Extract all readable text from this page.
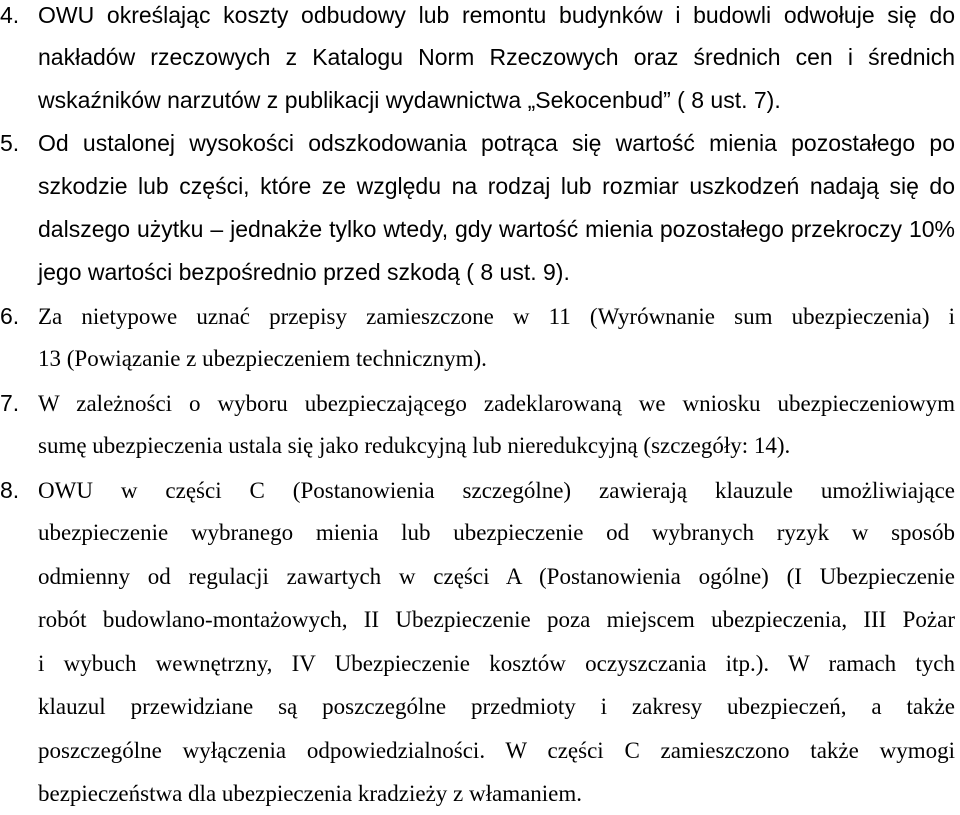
4. OWU określając koszty odbudowy lub remontu budynków i budowli odwołuje się do
nakładów rzeczowych z Katalogu Norm Rzeczowych oraz średnich cen i średnich
wskaźników narzutów z publikacji wydawnictwa „Sekocenbud” ( 8 ust. 7).
5. Od ustalonej wysokości odszkodowania potrąca się wartość mienia pozostałego po
szkodzie lub części, które ze względu na rodzaj lub rozmiar uszkodzeń nadają się do
dalszego użytku – jednakże tylko wtedy, gdy wartość mienia pozostałego przekroczy 10%
jego wartości bezpośrednio przed szkodą ( 8 ust. 9).
6. Za nietypowe uznać przepisy zamieszczone w 11 (Wyrównanie sum ubezpieczenia) i
13 (Powiązanie z ubezpieczeniem technicznym).
7. W zależności o wyboru ubezpieczającego zadeklarowaną we wniosku ubezpieczeniowym
sumę ubezpieczenia ustala się jako redukcyjną lub nieredukcyjną (szczegóły: 14).
8. OWU w części C (Postanowienia szczególne) zawierają klauzule umożliwiające
ubezpieczenie wybranego mienia lub ubezpieczenie od wybranych ryzyk w sposób
odmienny od regulacji zawartych w części A (Postanowienia ogólne) (I Ubezpieczenie
robót budowlano-montażowych, II Ubezpieczenie poza miejscem ubezpieczenia, III Pożar
i wybuch wewnętrzny, IV Ubezpieczenie kosztów oczyszczania itp.). W ramach tych
klauzul przewidziane są poszczególne przedmioty i zakresy ubezpieczeń, a także
poszczególne wyłączenia odpowiedzialności. W części C zamieszczono także wymogi
bezpieczeństwa dla ubezpieczenia kradzieży z włamaniem.
